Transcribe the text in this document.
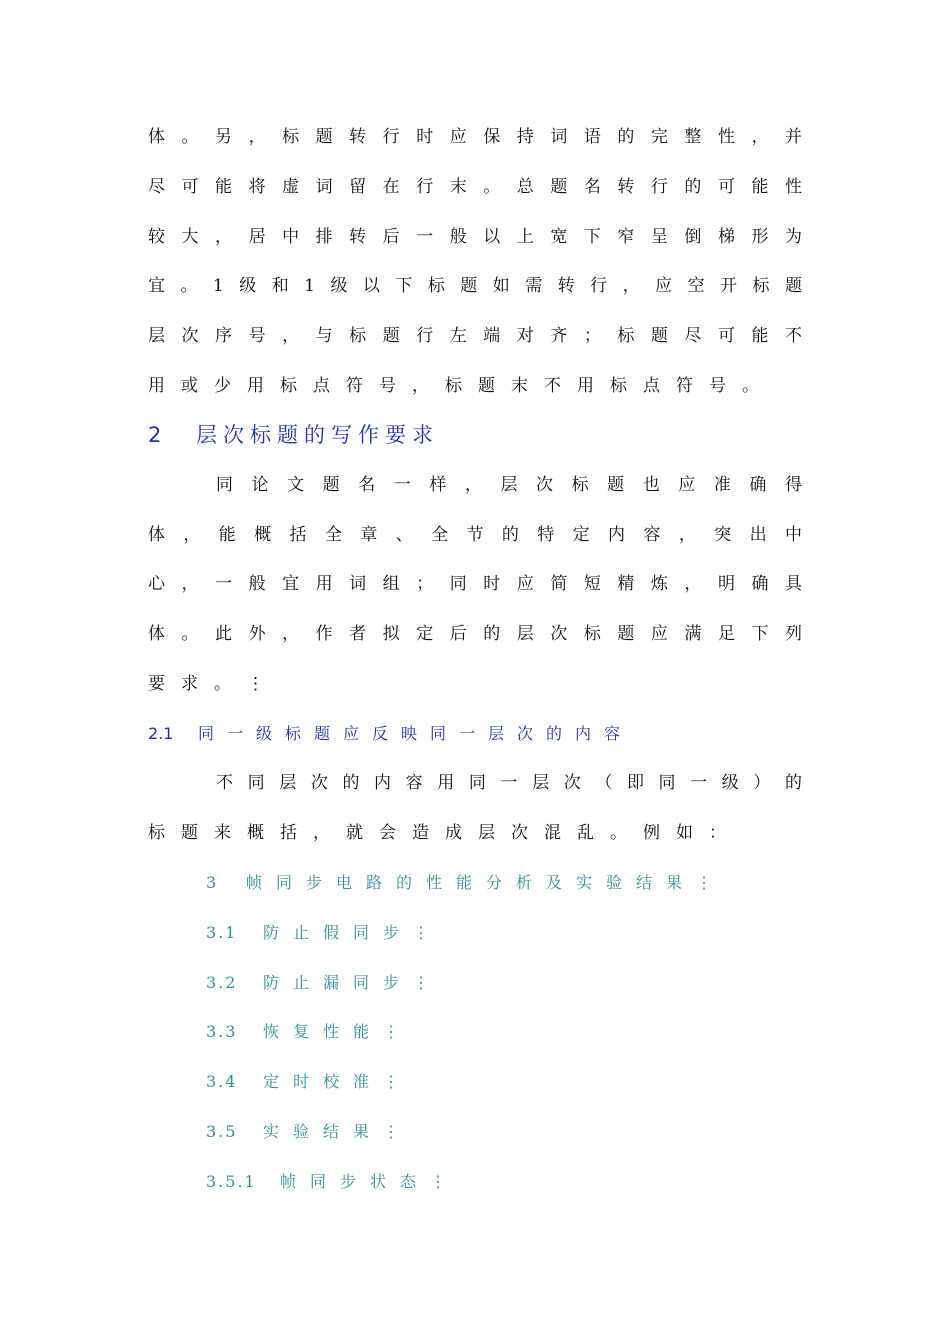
体。另，标题转行时应保持词语的完整性，并
尽可能将虚词留在行末。总题名转行的可能性
较大，居中排转后一般以上宽下窄呈倒梯形为
宜。1级和1级以下标题如需转行，应空开标题
层次序号，与标题行左端对齐；标题尽可能不
用或少用标点符号，标题末不用标点符号。
2 层次标题的写作要求
同论文题名一样，层次标题也应准确得
体，能概括全章、全节的特定内容，突出中
心，一般宜用词组；同时应简短精炼，明确具
体。此外，作者拟定后的层次标题应满足下列
要求。⋮
2.1 同一级标题应反映同一层次的内容
不同层次的内容用同一层次（即同一级）的
标题来概括，就会造成层次混乱。例如：
3 帧同步电路的性能分析及实验结果⋮
3.1 防止假同步⋮
3.2 防止漏同步⋮
3.3 恢复性能⋮
3.4 定时校准⋮
3.5 实验结果⋮
3.5.1 帧同步状态⋮
